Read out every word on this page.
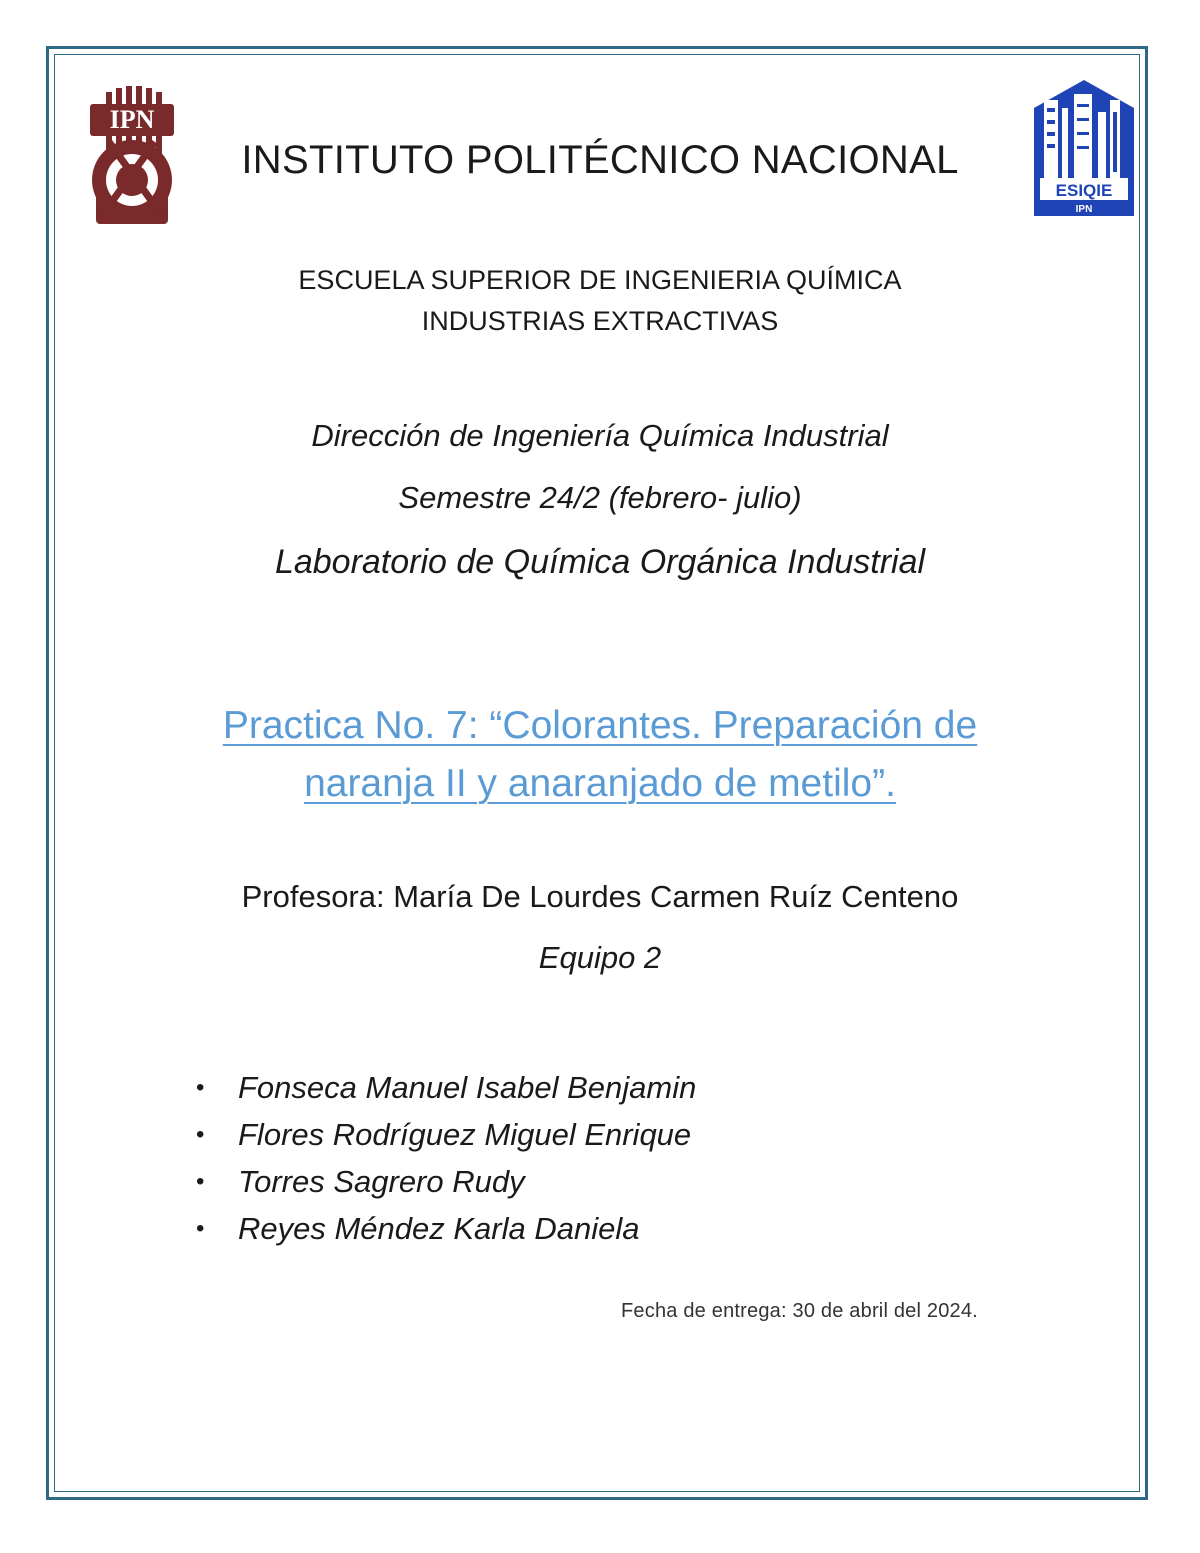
IPN
ESIQIE
IPN
INSTITUTO POLITÉCNICO NACIONAL
ESCUELA SUPERIOR DE INGENIERIA QUÍMICA
INDUSTRIAS EXTRACTIVAS
Dirección de Ingeniería Química Industrial
Semestre 24/2 (febrero- julio)
Laboratorio de Química Orgánica Industrial
Practica No. 7: “Colorantes. Preparación de
naranja II y anaranjado de metilo”.
Profesora: María De Lourdes Carmen Ruíz Centeno
Equipo 2
• Fonseca Manuel Isabel Benjamin
• Flores Rodríguez Miguel Enrique
• Torres Sagrero Rudy
• Reyes Méndez Karla Daniela
Fecha de entrega: 30 de abril del 2024.
